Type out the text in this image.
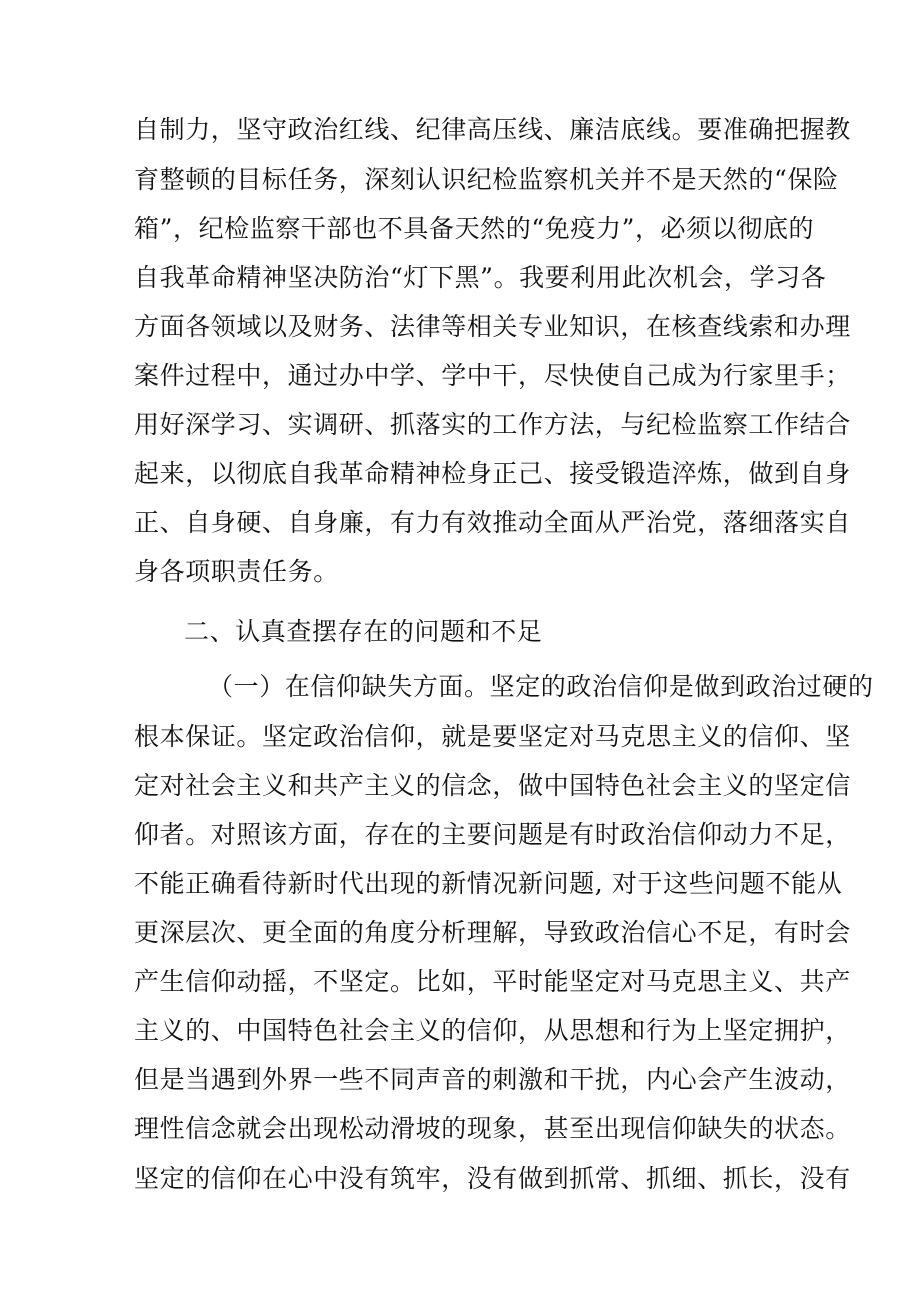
自制力，坚守政治红线、纪律高压线、廉洁底线。要准确把握教

育整顿的目标任务，深刻认识纪检监察机关并不是天然的“保险

箱”，纪检监察干部也不具备天然的“免疫力”，必须以彻底的

自我革命精神坚决防治“灯下黑”。我要利用此次机会，学习各

方面各领域以及财务、法律等相关专业知识，在核查线索和办理

案件过程中，通过办中学、学中干，尽快使自己成为行家里手；

用好深学习、实调研、抓落实的工作方法，与纪检监察工作结合

起来，以彻底自我革命精神检身正己、接受锻造淬炼，做到自身

正、自身硬、自身廉，有力有效推动全面从严治党，落细落实自

身各项职责任务。

二、认真查摆存在的问题和不足

（一）在信仰缺失方面。坚定的政治信仰是做到政治过硬的

根本保证。坚定政治信仰，就是要坚定对马克思主义的信仰、坚

定对社会主义和共产主义的信念，做中国特色社会主义的坚定信

仰者。对照该方面，存在的主要问题是有时政治信仰动力不足，

不能正确看待新时代出现的新情况新问题, 对于这些问题不能从

更深层次、更全面的角度分析理解，导致政治信心不足，有时会

产生信仰动摇，不坚定。比如，平时能坚定对马克思主义、共产

主义的、中国特色社会主义的信仰，从思想和行为上坚定拥护，

但是当遇到外界一些不同声音的刺激和干扰，内心会产生波动，

理性信念就会出现松动滑坡的现象，甚至出现信仰缺失的状态。

坚定的信仰在心中没有筑牢，没有做到抓常、抓细、抓长，没有
